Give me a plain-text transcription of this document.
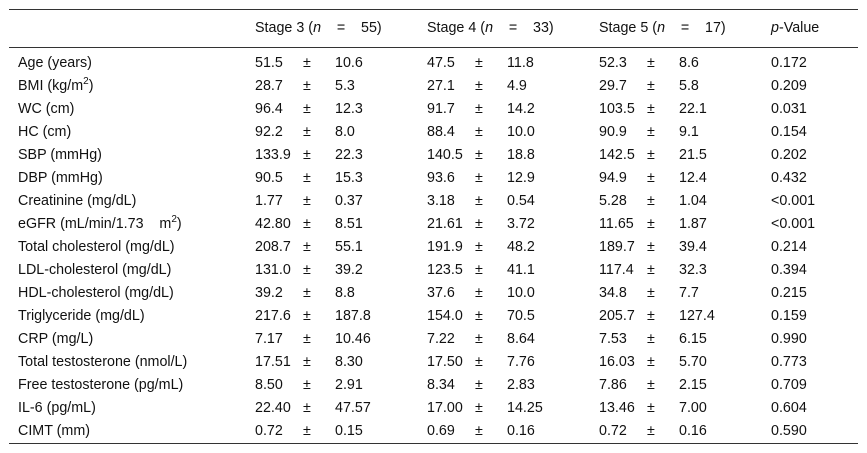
	Stage 3 (n = 55)	Stage 4 (n = 33)	Stage 5 (n = 17)	p-Value
Age (years)	51.5 ± 10.6	47.5 ± 11.8	52.3 ± 8.6	0.172
BMI $(kg/m^2)$	28.7 ± 5.3	27.1 ± 4.9	29.7 ± 5.8	0.209
WC (cm)	96.4 ± 12.3	91.7 ± 14.2	103.5 ± 22.1	0.031
HC (cm)	92.2 ± 8.0	88.4 ± 10.0	90.9 ± 9.1	0.154
SBP (mmHg)	133.9 ± 22.3	140.5 ± 18.8	142.5 ± 21.5	0.202
DBP (mmHg)	90.5 ± 15.3	93.6 ± 12.9	94.9 ± 12.4	0.432
Creatinine (mg/dL)	1.77 ± 0.37	3.18 ± 0.54	5.28 ± 1.04	<0.001
eGFR (mL/min/1.73    $m^2$)	42.80 ± 8.51	21.61 ± 3.72	11.65 ± 1.87	<0.001
Total cholesterol (mg/dL)	208.7 ± 55.1	191.9 ± 48.2	189.7 ± 39.4	0.214
LDL-cholesterol (mg/dL)	131.0 ± 39.2	123.5 ± 41.1	117.4 ± 32.3	0.394
HDL-cholesterol (mg/dL)	39.2 ± 8.8	37.6 ± 10.0	34.8 ± 7.7	0.215
Triglyceride (mg/dL)	217.6 ± 187.8	154.0 ± 70.5	205.7 ± 127.4	0.159
CRP (mg/L)	7.17 ± 10.46	7.22 ± 8.64	7.53 ± 6.15	0.990
Total testosterone (nmol/L)	17.51 ± 8.30	17.50 ± 7.76	16.03 ± 5.70	0.773
Free testosterone (pg/mL)	8.50 ± 2.91	8.34 ± 2.83	7.86 ± 2.15	0.709
IL-6 (pg/mL)	22.40 ± 47.57	17.00 ± 14.25	13.46 ± 7.00	0.604
CIMT (mm)	0.72 ± 0.15	0.69 ± 0.16	0.72 ± 0.16	0.590
